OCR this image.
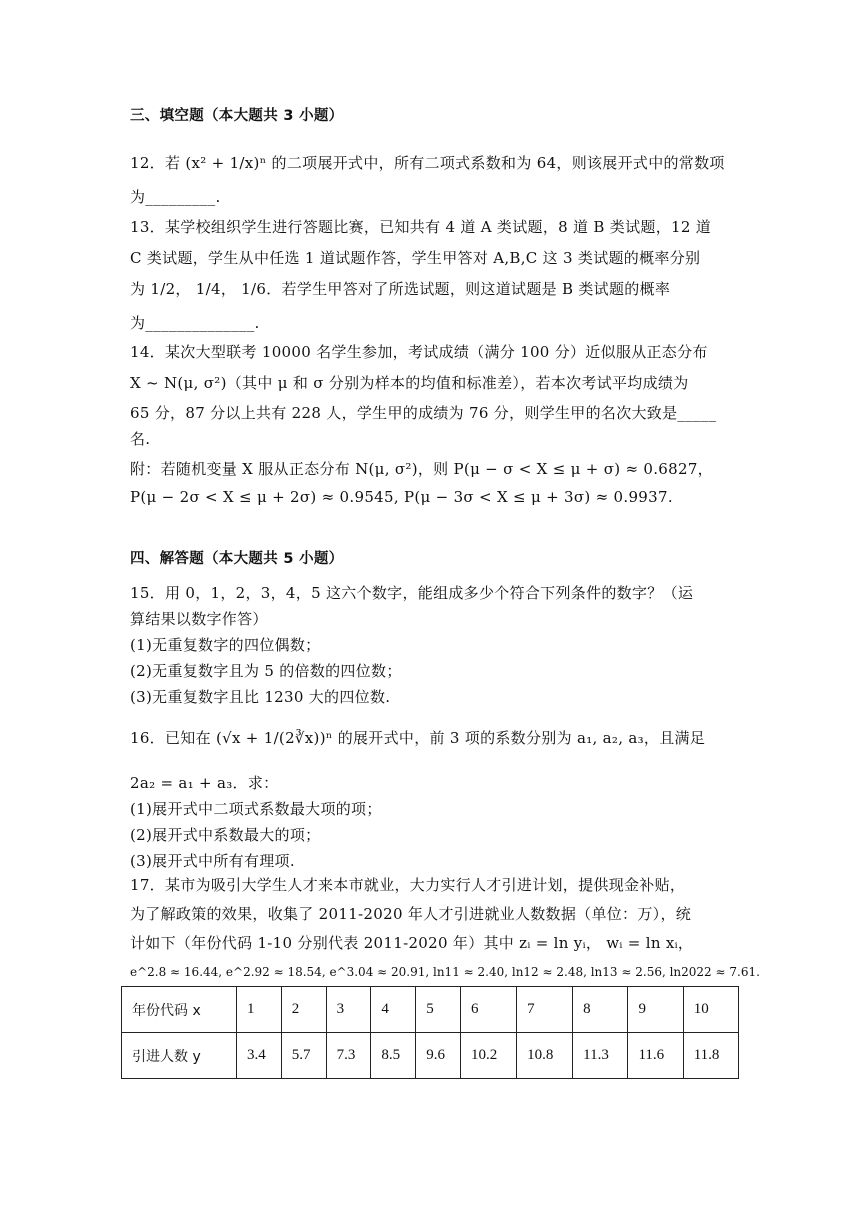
三、填空题（本大题共 3 小题）
12．若 (x² + 1/x)ⁿ 的二项展开式中，所有二项式系数和为 64，则该展开式中的常数项
为_________.
13．某学校组织学生进行答题比赛，已知共有 4 道 A 类试题，8 道 B 类试题，12 道
C 类试题，学生从中任选 1 道试题作答，学生甲答对 A,B,C 这 3 类试题的概率分别
为 1/2， 1/4， 1/6．若学生甲答对了所选试题，则这道试题是 B 类试题的概率
为______________.
14．某次大型联考 10000 名学生参加，考试成绩（满分 100 分）近似服从正态分布
X ~ N(μ, σ²)（其中 μ 和 σ 分别为样本的均值和标准差），若本次考试平均成绩为
65 分，87 分以上共有 228 人，学生甲的成绩为 76 分，则学生甲的名次大致是_____
名.
附：若随机变量 X 服从正态分布 N(μ, σ²)，则 P(μ − σ < X ≤ μ + σ) ≈ 0.6827，
P(μ − 2σ < X ≤ μ + 2σ) ≈ 0.9545, P(μ − 3σ < X ≤ μ + 3σ) ≈ 0.9937.
四、解答题（本大题共 5 小题）
15．用 0，1，2，3，4，5 这六个数字，能组成多少个符合下列条件的数字？（运
算结果以数字作答）
(1)无重复数字的四位偶数；
(2)无重复数字且为 5 的倍数的四位数；
(3)无重复数字且比 1230 大的四位数.
16．已知在 (√x + 1/(2∛x))ⁿ 的展开式中，前 3 项的系数分别为 a₁, a₂, a₃，且满足
2a₂ = a₁ + a₃．求：
(1)展开式中二项式系数最大项的项；
(2)展开式中系数最大的项；
(3)展开式中所有有理项.
17．某市为吸引大学生人才来本市就业，大力实行人才引进计划，提供现金补贴，
为了解政策的效果，收集了 2011-2020 年人才引进就业人数数据（单位：万），统
计如下（年份代码 1-10 分别代表 2011-2020 年）其中 zᵢ = ln yᵢ， wᵢ = ln xᵢ，
e^2.8 ≈ 16.44, e^2.92 ≈ 18.54, e^3.04 ≈ 20.91, ln11 ≈ 2.40, ln12 ≈ 2.48, ln13 ≈ 2.56, ln2022 ≈ 7.61.
年份代码 x	1	2	3	4	5	6	7	8	9	10
引进人数 y	3.4	5.7	7.3	8.5	9.6	10.2	10.8	11.3	11.6	11.8
